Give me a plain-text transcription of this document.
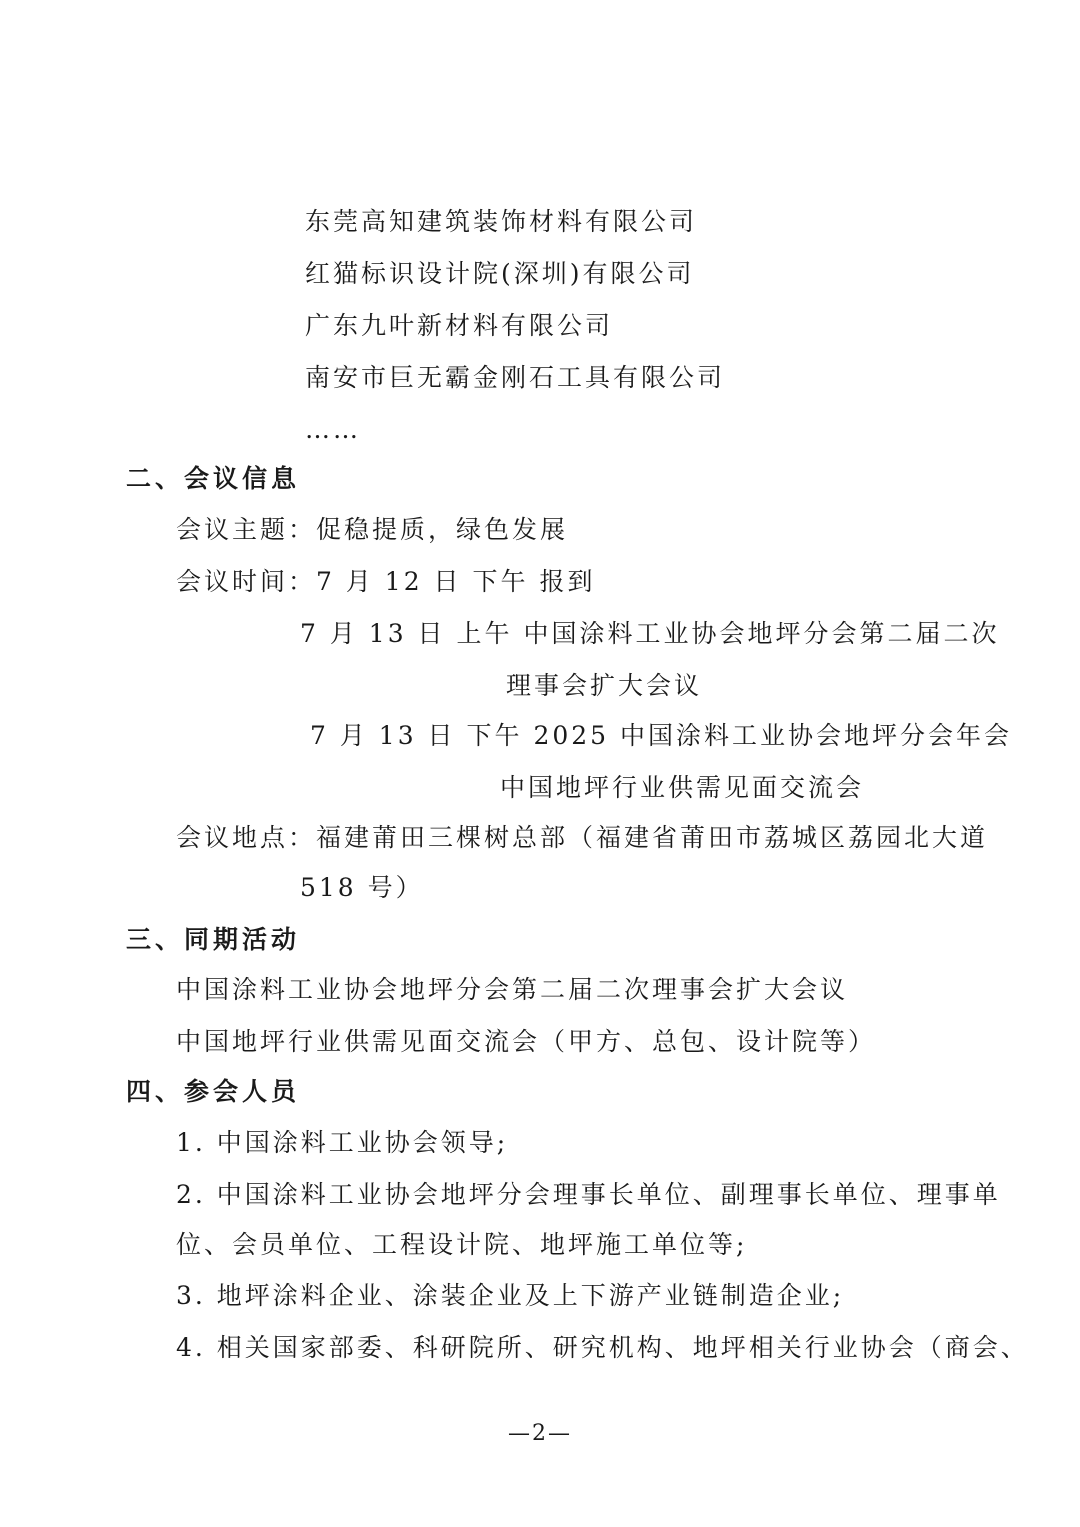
东莞高知建筑装饰材料有限公司
红猫标识设计院(深圳)有限公司
广东九叶新材料有限公司
南安市巨无霸金刚石工具有限公司
……
二、会议信息
会议主题：促稳提质，绿色发展
会议时间：7 月 12 日 下午 报到
7 月 13 日 上午 中国涂料工业协会地坪分会第二届二次
理事会扩大会议
7 月 13 日 下午 2025 中国涂料工业协会地坪分会年会
中国地坪行业供需见面交流会
会议地点：福建莆田三棵树总部（福建省莆田市荔城区荔园北大道
518 号）
三、同期活动
中国涂料工业协会地坪分会第二届二次理事会扩大会议
中国地坪行业供需见面交流会（甲方、总包、设计院等）
四、参会人员
1. 中国涂料工业协会领导;
2. 中国涂料工业协会地坪分会理事长单位、副理事长单位、理事单
位、会员单位、工程设计院、地坪施工单位等;
3. 地坪涂料企业、涂装企业及上下游产业链制造企业;
4. 相关国家部委、科研院所、研究机构、地坪相关行业协会（商会、
—2—
